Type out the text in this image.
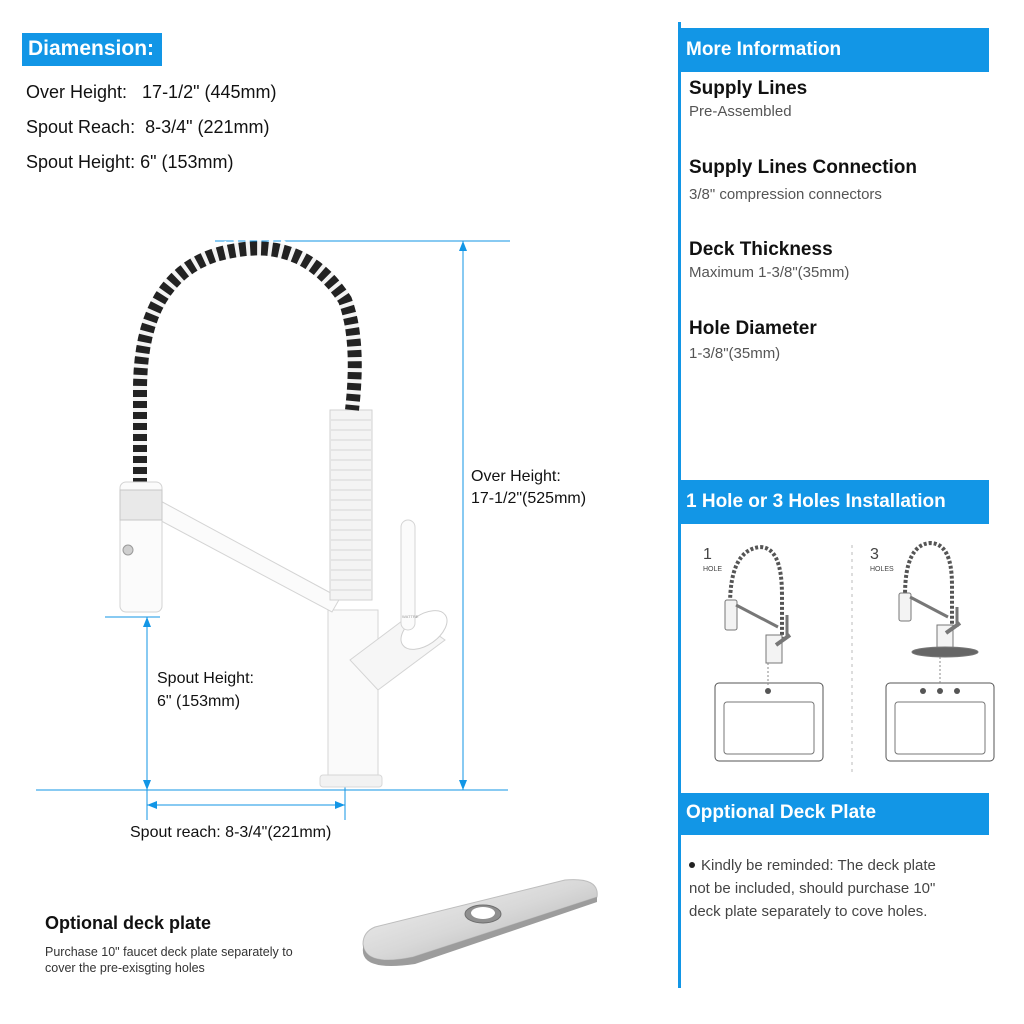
Diamension:
Over Height:   17-1/2" (445mm)
Spout Reach:  8-3/4" (221mm)
Spout Height: 6" (153mm)
WATTRE
Over Height:
17-1/2"(525mm)
Spout Height:
6" (153mm)
Spout reach: 8-3/4"(221mm)
Optional deck plate
Purchase 10" faucet deck plate separately to
cover the pre-exisgting holes
More Information
Supply Lines
Pre-Assembled
Supply Lines Connection
3/8" compression connectors
Deck Thickness
Maximum 1-3/8"(35mm)
Hole Diameter
1-3/8"(35mm)
1 Hole or 3 Holes Installation
1
HOLE
3
HOLES
Opptional Deck Plate
Kindly be reminded: The deck plate
not be included, should purchase 10"
deck plate separately to cove holes.
